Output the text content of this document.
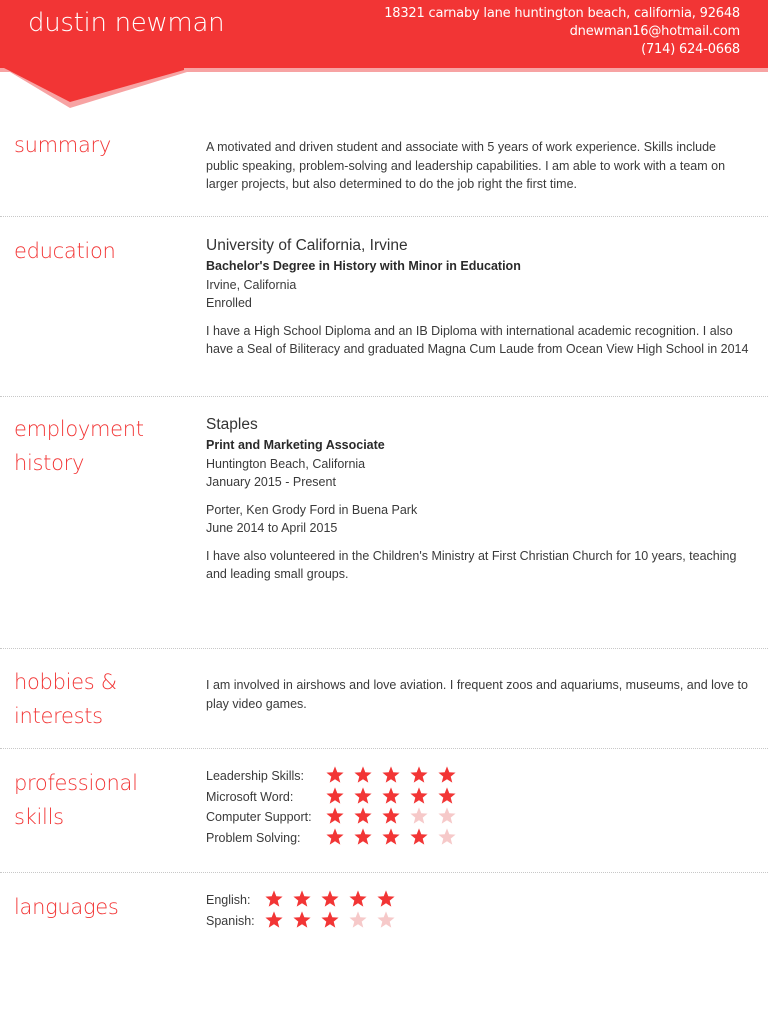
dustin newman	18321 carnaby lane huntington beach, california, 92648
dnewman16@hotmail.com
(714) 624-0668
summary	A motivated and driven student and associate with 5 years of work experience. Skills include public speaking, problem-solving and leadership capabilities. I am able to work with a team on larger projects, but also determined to do the job right the first time.
education	University of California, Irvine
Bachelor's Degree in History with Minor in Education
Irvine, California
Enrolled
I have a High School Diploma and an IB Diploma with international academic recognition. I also have a Seal of Biliteracy and graduated Magna Cum Laude from Ocean View High School in 2014
employment
history
Staples
Print and Marketing Associate
Huntington Beach, California
January 2015 - Present
Porter, Ken Grody Ford in Buena Park
June 2014 to April 2015
I have also volunteered in the Children's Ministry at First Christian Church for 10 years, teaching and leading small groups.
hobbies &
interests
I am involved in airshows and love aviation. I frequent zoos and aquariums, museums, and love to play video games.
professional
skills
Leadership Skills:
Microsoft Word:
Computer Support:
Problem Solving:
languages	English:
Spanish:
